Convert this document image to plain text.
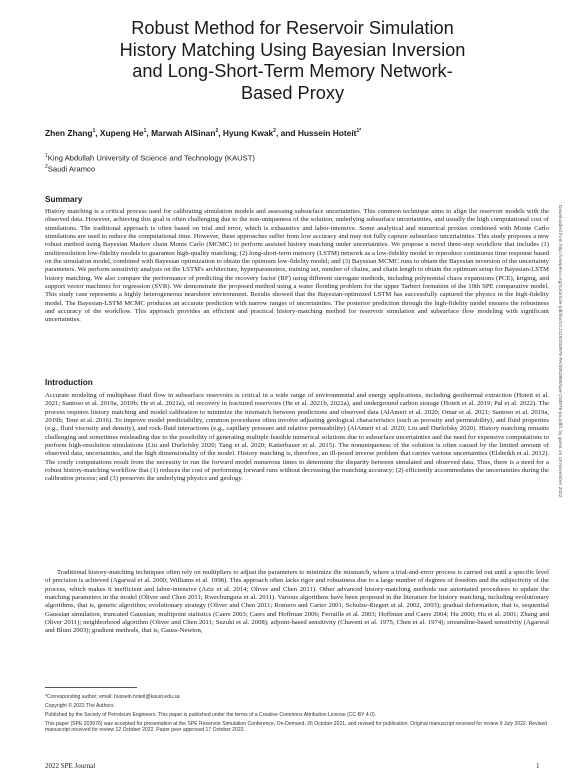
Robust Method for Reservoir Simulation
History Matching Using Bayesian Inversion
and Long-Short-Term Memory Network-
Based Proxy
Zhen Zhang$^1$, Xupeng He$^1$, Marwah AlSinan$^2$, Hyung Kwak$^2$, and Hussein Hoteit$^{1*}$
$^1$King Abdullah University of Science and Technology (KAUST)
$^2$Saudi Aramco
Summary

History matching is a critical process used for calibrating simulation models and assessing subsurface uncertainties. This common technique aims to align the reservoir models with the observed data. However, achieving this goal is often challenging due to the non-uniqueness of the solution, underlying subsurface uncertainties, and usually the high computational cost of simulations. The traditional approach is often based on trial and error, which is exhaustive and labor-intensive. Some analytical and numerical proxies combined with Monte Carlo simulations are used to reduce the computational time. However, these approaches suffer from low accuracy and may not fully capture subsurface uncertainties. This study proposes a new robust method using Bayesian Markov chain Monte Carlo (MCMC) to perform assisted history matching under uncertainties. We propose a novel three-step workflow that includes (1) multiresolution low-fidelity models to guarantee high-quality matching; (2) long-short-term memory (LSTM) network as a low-fidelity model to reproduce continuous time response based on the simulation model, combined with Bayesian optimization to obtain the optimum low-fidelity model; and (3) Bayesian MCMC runs to obtain the Bayesian inversion of the uncertainty parameters. We perform sensitivity analysis on the LSTM's architecture, hyperparameters, training set, number of chains, and chain length to obtain the optimum setup for Bayesian-LSTM history matching. We also compare the performance of predicting the recovery factor (RF) using different surrogate methods, including polynomial chaos expansions (PCE), kriging, and support vector machines for regression (SVR). We demonstrate the proposed method using a water flooding problem for the upper Tarbert formation of the 10th SPE comparative model. This study case represents a highly heterogeneous nearshore environment. Results showed that the Bayesian-optimized LSTM has successfully captured the physics in the high-fidelity model. The Bayesian-LSTM MCMC produces an accurate prediction with narrow ranges of uncertainties. The posterior prediction through the high-fidelity model ensures the robustness and accuracy of the workflow. This approach provides an efficient and practical history-matching method for reservoir simulation and subsurface flow modeling with significant uncertainties.

Introduction

Accurate modeling of multiphase fluid flow in subsurface reservoirs is critical in a wide range of environmental and energy applications, including geothermal extraction (Hoteit et al. 2021; Santoso et al. 2019a, 2019b; He et al. 2021a), oil recovery in fractured reservoirs (He et al. 2021b, 2022a), and underground carbon storage (Hoteit et al. 2019; Pal et al. 2022). The process requires history matching and model calibration to minimize the mismatch between predictions and observed data (AlAmeri et al. 2020; Omar et al. 2021; Santoso et al. 2019a, 2019b; Tene et al. 2016). To improve model predictability, common procedures often involve adjusting geological characteristics (such as porosity and permeability), and fluid properties (e.g., fluid viscosity and density), and rock-fluid interactions (e.g., capillary pressure and relative permeability) (AlAmeri et al. 2020; Liu and Durlofsky 2020). History matching remains challenging and sometimes misleading due to the possibility of generating multiple feasible numerical solutions due to subsurface uncertainties and the need for expensive computations to perform high-resolution simulations (Liu and Durlofsky 2020; Tang et al. 2020; Katterbauer et al. 2015). The nonuniqueness of the solution is often caused by the limited amount of observed data, uncertainties, and the high dimensionality of the model. History matching is, therefore, an ill-posed inverse problem that carries various uncertainties (Elsheikh et al. 2012). The costly computations result from the necessity to run the forward model numerous times to determine the disparity between simulated and observed data. Thus, there is a need for a robust history-matching workflow that (1) reduces the cost of performing forward runs without decreasing the matching accuracy; (2) efficiently accommodates the uncertainties during the calibration process; and (3) preserves the underlying physics and geology.

Traditional history-matching techniques often rely on multipliers to adjust the parameters to minimize the mismatch, where a trial-and-error process is carried out until a specific level of precision is achieved (Agarwal et al. 2000; Williams et al. 1998). This approach often lacks rigor and robustness due to a large number of degrees of freedom and the subjectivity of the process, which makes it inefficient and labor-intensive (Aziz et al. 2014; Oliver and Chen 2011). Other advanced history-matching methods use automated procedures to update the matching parameters in the model (Oliver and Chen 2011; Rwechungura et al. 2011). Various algorithms have been proposed in the literature for history matching, including evolutionary algorithms, that is, genetic algorithm; evolutionary strategy (Oliver and Chen 2011; Romero and Carter 2001; Schulze-Riegert et al. 2002, 2003); gradual deformation, that is, sequential Gaussian simulation, truncated Gaussian, multipoint statistics (Caers 2003; Caers and Hoffman 2006; Ferraille et al. 2003; Hoffman and Caers 2004; Hu 2000; Hu et al. 2001; Zhang and Oliver 2011); neighborhood algorithm (Oliver and Chen 2011; Suzuki et al. 2008); adjoint-based sensitivity (Chavent et al. 1975; Chen et al. 1974); streamline-based sensitivity (Agarwal and Blunt 2003); gradient methods, that is, Gauss-Newton,

*Corresponding author; email: hussein.hoteit@kaust.edu.sa
Copyright © 2022 The Authors.
Published by the Society of Petroleum Engineers. This paper is published under the terms of a Creative Commons Attribution License (CC-BY 4.0).
This paper (SPE 203976) was accepted for presentation at the SPE Reservoir Simulation Conference, On-Demand, 26 October 2021, and revised for publication. Original manuscript received for review 9 July 2022. Revised manuscript received for review 12 October 2022. Paper peer approved 17 October 2022.
2022 SPE Journal	1
Downloaded from http://onepetro.org/SJ/article-pdf/doi/10.2118/203976-PA/3053986/spe-203976-pa.pdf/1 by guest on 19 November 2022
